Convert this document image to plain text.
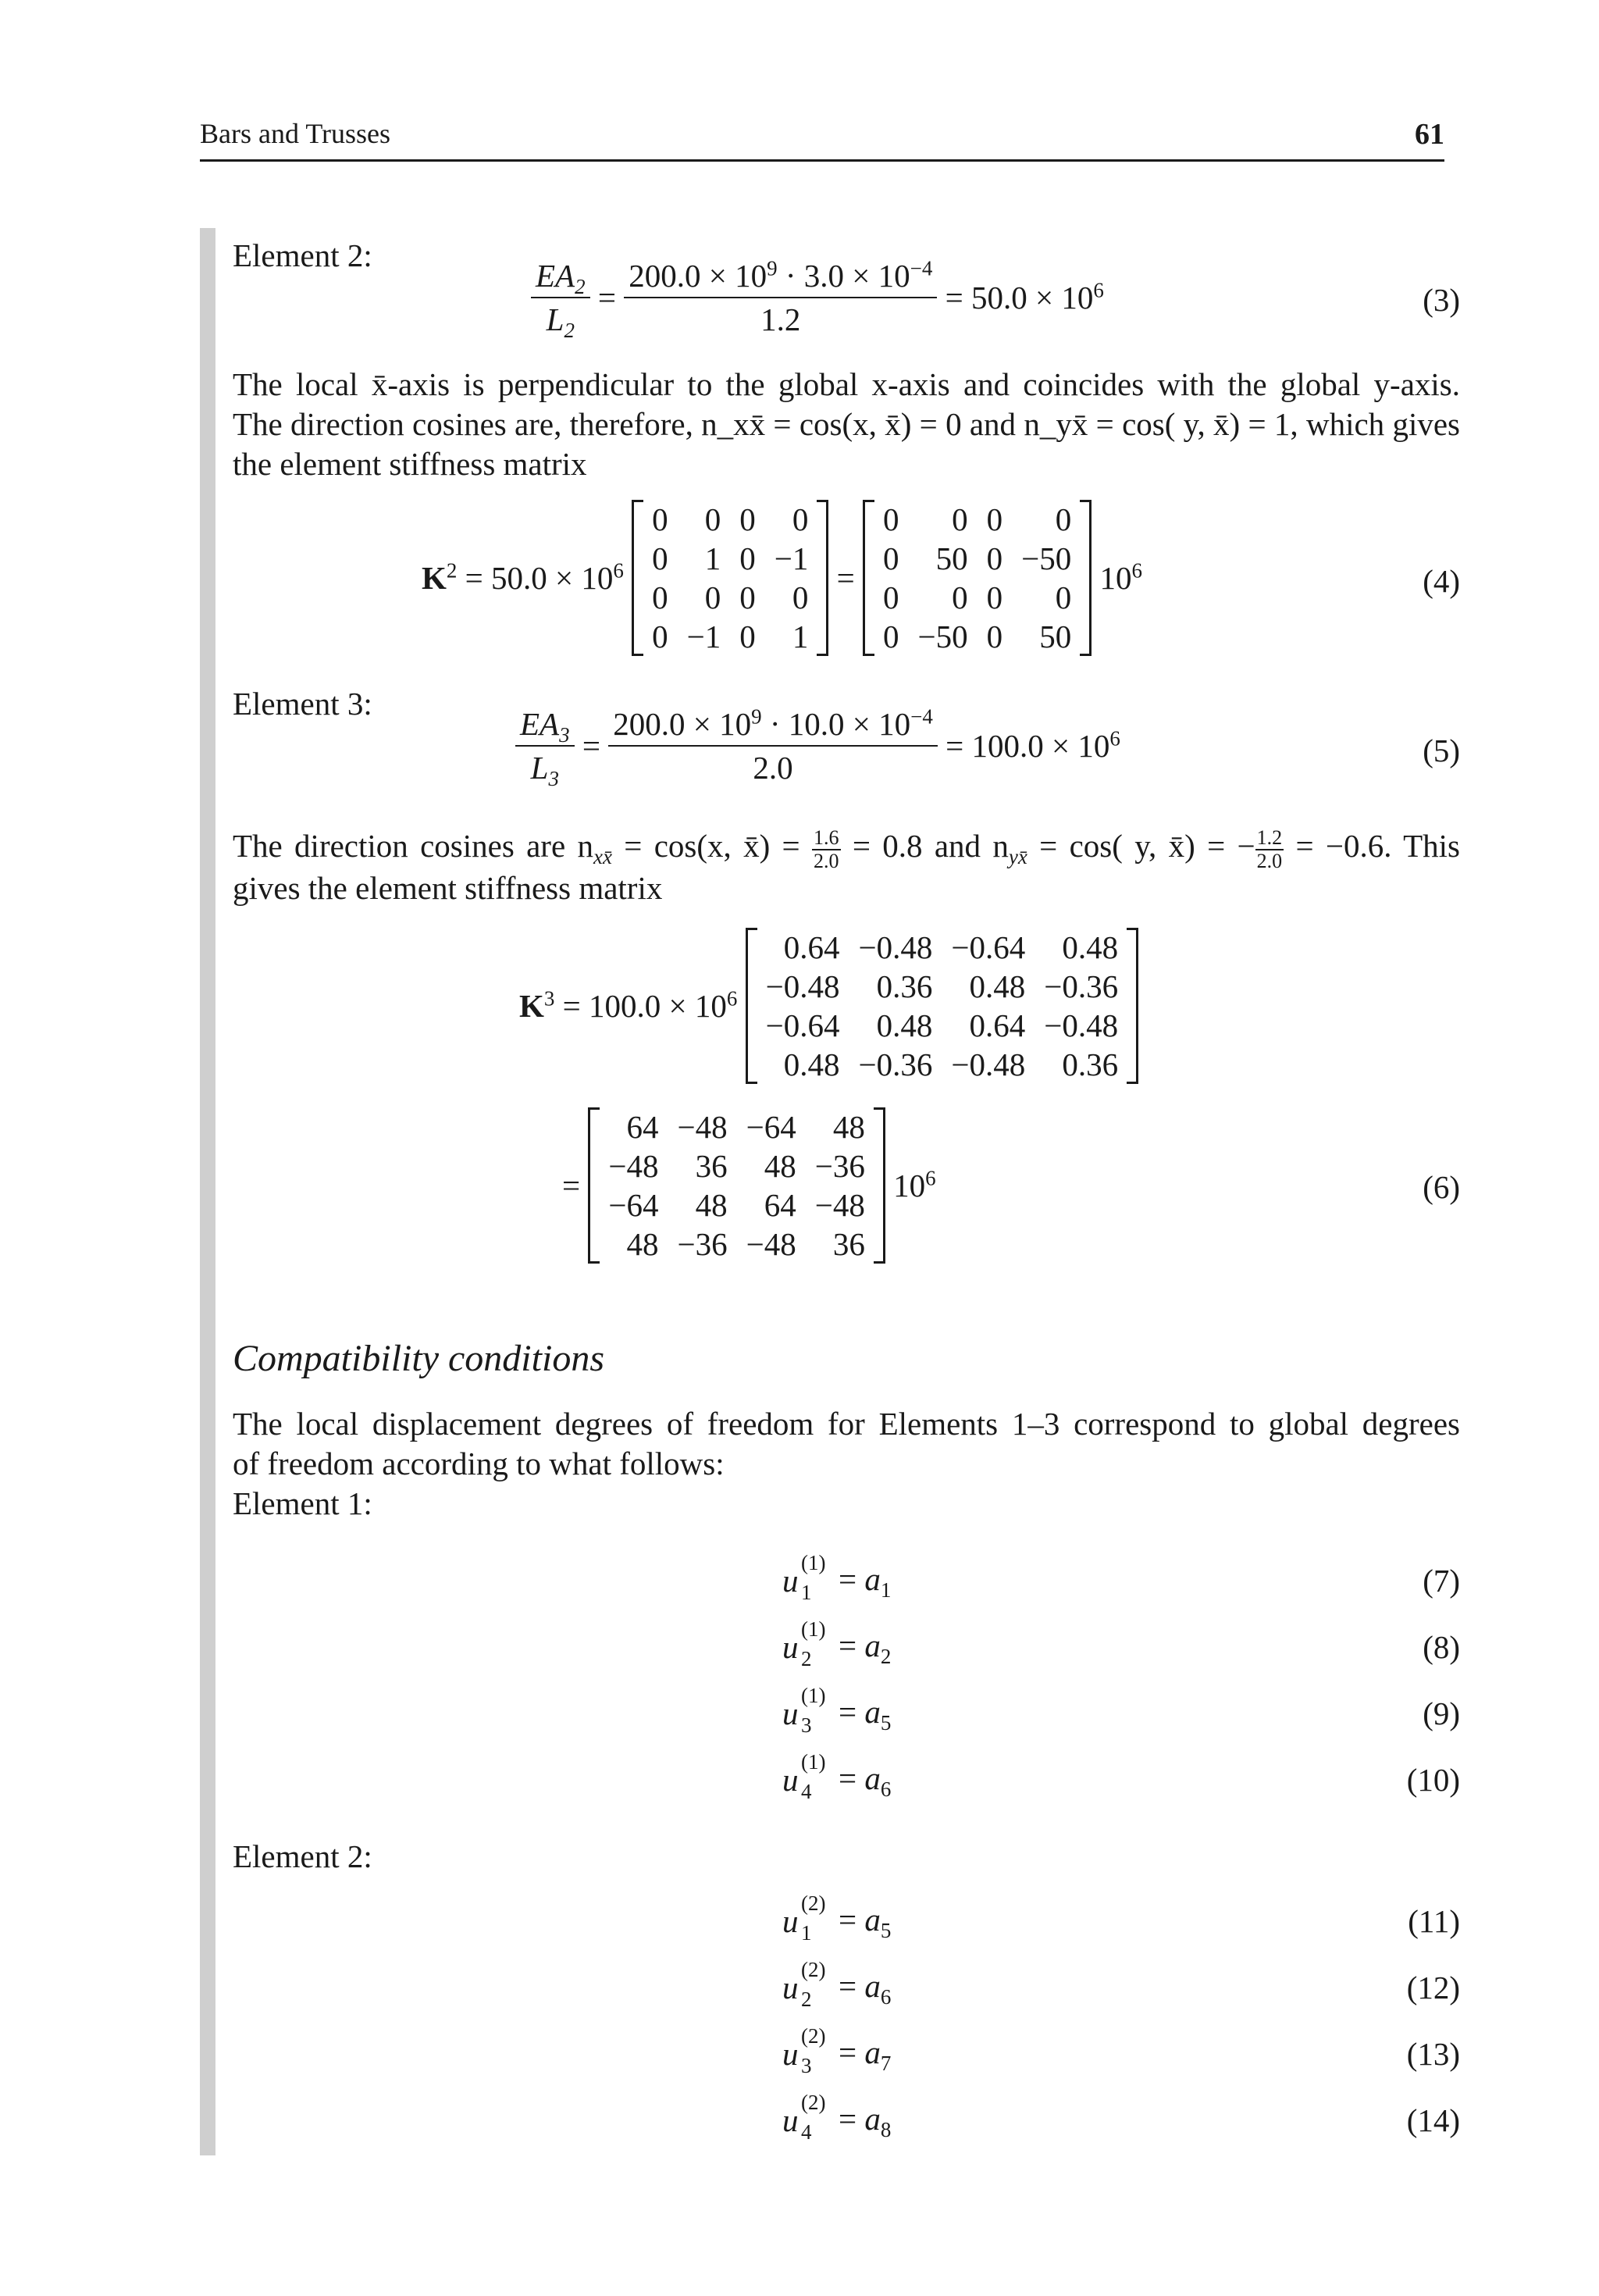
Bars and Trusses	61
Element 2:
$\frac{EA_2}{L_2} = \frac{200.0 \times 10^9 \cdot 3.0 \times 10^{-4}}{1.2} = 50.0 \times 10^6$	(3)
The local x̄-axis is perpendicular to the global x-axis and coincides with the global y-axis.
The direction cosines are, therefore, n_xx̄ = cos(x, x̄) = 0 and n_yx̄ = cos( y, x̄) = 1, which gives
the element stiffness matrix
$K^2 = 50.0 \times 10^6$
0	0	0	0
0	1	0	−1
0	0	0	0
0	−1	0	1
=
0	0	0	0
0	50	0	−50
0	0	0	0
0	−50	0	50
$10^6$	(4)
Element 3:
$\frac{EA_3}{L_3} = \frac{200.0 \times 10^9 \cdot 10.0 \times 10^{-4}}{2.0} = 100.0 \times 10^6$	(5)
The direction cosines are $n_{xx̄} = \cos(x$, x̄) = $\frac{1.6}{2.0} = 0.8$ and $n_{yx̄} = \cos$( y, x̄) = − $\frac{1.2}{2.0} = -0.6$. This
gives the element stiffness matrix
$K^3 = 100.0 \times 10^6$
0.64	−0.48	−0.64	0.48
−0.48	0.36	0.48	−0.36
−0.64	0.48	0.64	−0.48
0.48	−0.36	−0.48	0.36
=
64	−48	−64	48
−48	36	48	−36
−64	48	64	−48
48	−36	−48	36
$10^6$	(6)
Compatibility conditions
The local displacement degrees of freedom for Elements 1–3 correspond to global degrees
of freedom according to what follows:
Element 1:
Element 2:
u (1)
$1 = a_1$	(7)
u (1)
$2 = a_2$	(8)
u (1)
$3 = a_5$	(9)
u (1)
$4 = a_6$	(10)
u (2)
$1 = a_5$	(11)
u (2)
$2 = a_6$	(12)
u (2)
$3 = a_7$	(13)
u (2)
$4 = a_8$	(14)
